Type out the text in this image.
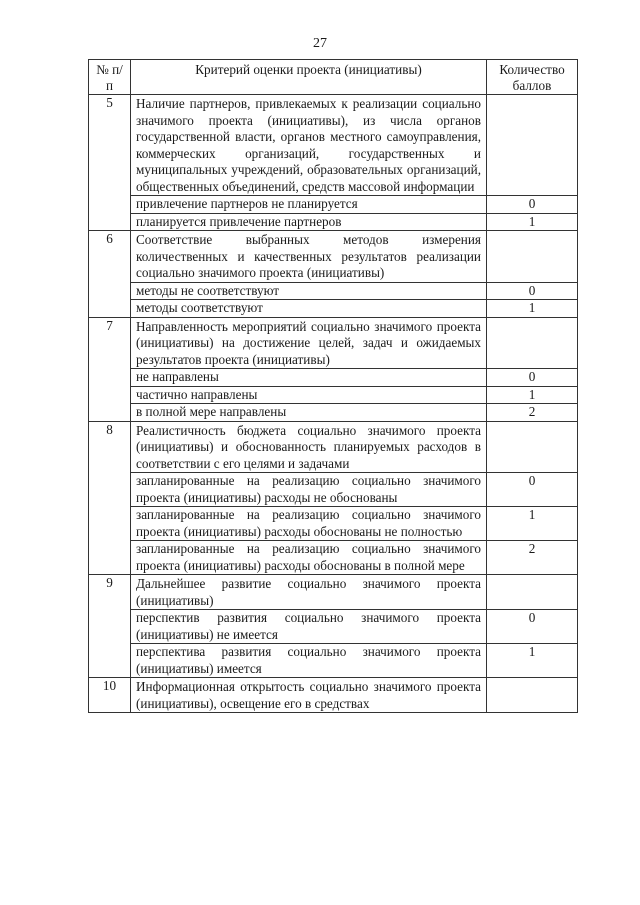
27
№ п/п	Критерий оценки проекта (инициативы)	Количество баллов
5	Наличие партнеров, привлекаемых к реализации социально значимого проекта (инициативы), из числа органов государственной власти, органов местного самоуправления, коммерческих организаций, государственных и муниципальных учреждений, образовательных организаций, общественных объединений, средств массовой информации	
	привлечение партнеров не планируется	0
	планируется привлечение партнеров	1
6	Соответствие выбранных методов измерения количественных и качественных результатов реализации социально значимого проекта (инициативы)	
	методы не соответствуют	0
	методы соответствуют	1
7	Направленность мероприятий социально значимого проекта (инициативы) на достижение целей, задач и ожидаемых результатов проекта (инициативы)	
	не направлены	0
	частично направлены	1
	в полной мере направлены	2
8	Реалистичность бюджета социально значимого проекта (инициативы) и обоснованность планируемых расходов в соответствии с его целями и задачами	
	запланированные на реализацию социально значимого проекта (инициативы) расходы не обоснованы	0
	запланированные на реализацию социально значимого проекта (инициативы) расходы обоснованы не полностью	1
	запланированные на реализацию социально значимого проекта (инициативы) расходы обоснованы в полной мере	2
9	Дальнейшее развитие социально значимого проекта (инициативы)	
	перспектив развития социально значимого проекта (инициативы) не имеется	0
	перспектива развития социально значимого проекта (инициативы) имеется	1
10	Информационная открытость социально значимого проекта (инициативы), освещение его в средствах	
